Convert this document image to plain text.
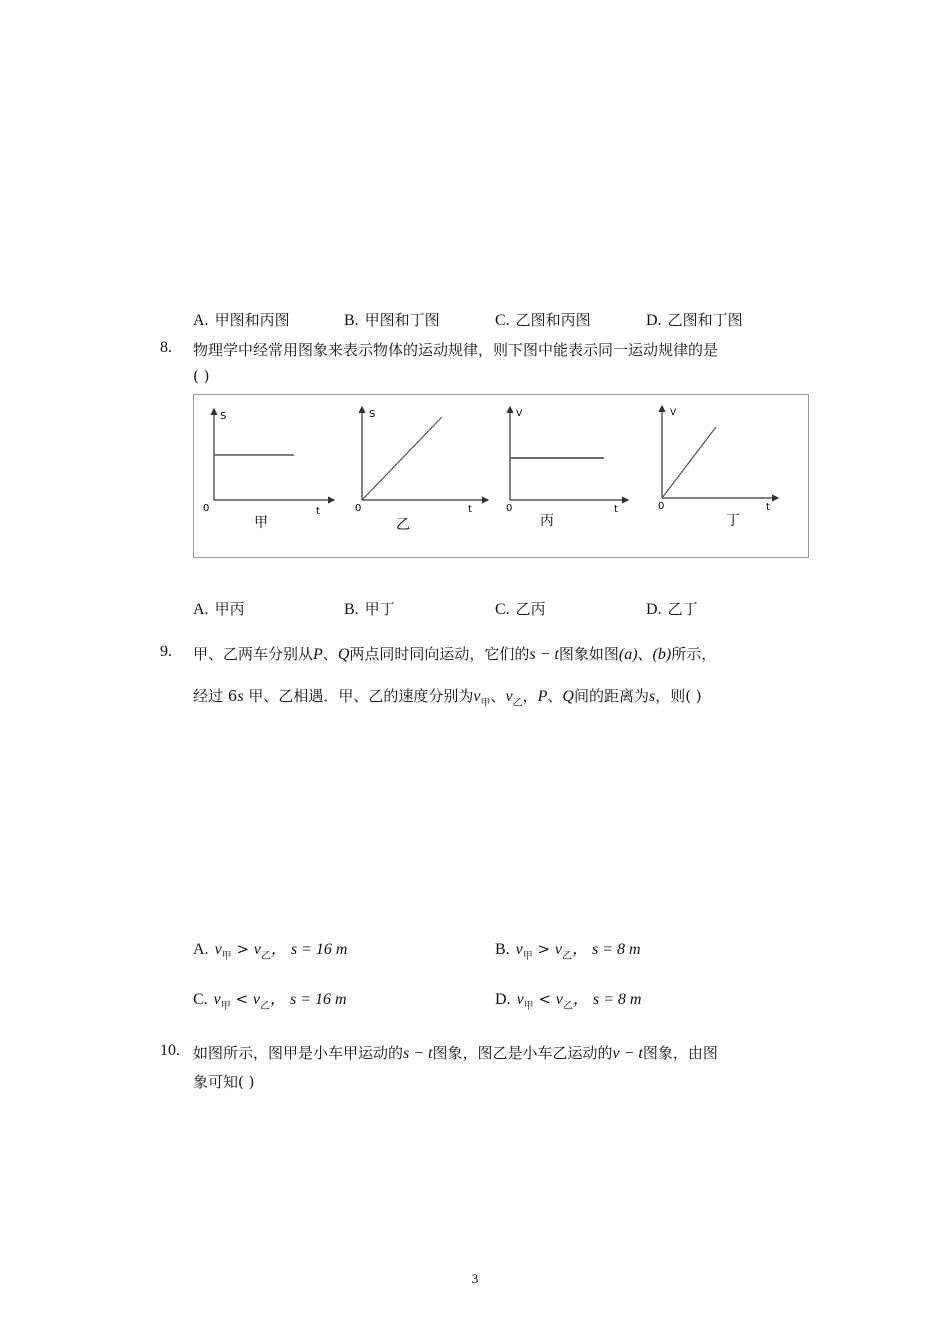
A. 甲图和丙图	B. 甲图和丁图	C. 乙图和丙图	D. 乙图和丁图
8. 物理学中经常用图象来表示物体的运动规律，则下图中能表示同一运动规律的是
( )
S
t
0
甲
S
t
0
乙
V
t
0
丙
V
t
0
丁
A. 甲丙	B. 甲丁	C. 乙丙	D. 乙丁
9. 甲、乙两车分别从P、Q两点同时同向运动，它们的s − t图象如图(a)、(b)所示，
经过 6s 甲、乙相遇．甲、乙的速度分别为$v_甲$、$v_乙$，P、Q间的距离为s，则( )
A. $v_甲 > v_乙$， s = 16 m	B. $v_甲 > v_乙$， s = 8 m
C. $v_甲 < v_乙$， s = 16 m	D. $v_甲 < v_乙$， s = 8 m
10. 如图所示，图甲是小车甲运动的s − t图象，图乙是小车乙运动的v − t图象，由图
象可知( )
3
